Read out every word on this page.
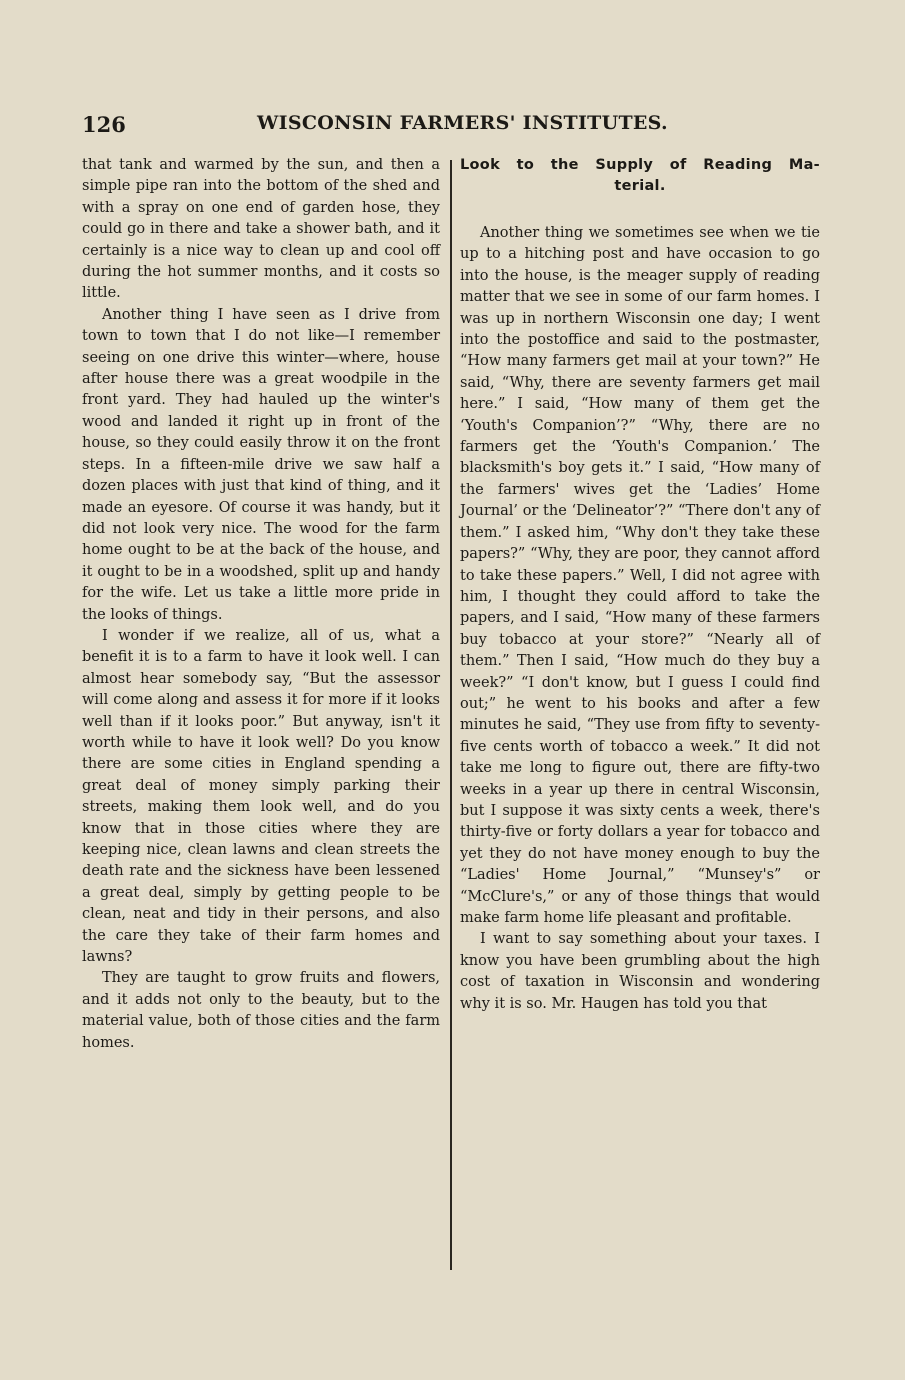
126	WISCONSIN FARMERS' INSTITUTES.

that tank and warmed by the sun, and then a simple pipe ran into the bottom of the shed and with a spray on one end of garden hose, they could go in there and take a shower bath, and it certainly is a nice way to clean up and cool off during the hot summer months, and it costs so little.

Another thing I have seen as I drive from town to town that I do not like—I remember seeing on one drive this winter—where, house after house there was a great woodpile in the front yard. They had hauled up the winter's wood and landed it right up in front of the house, so they could easily throw it on the front steps. In a fifteen-mile drive we saw half a dozen places with just that kind of thing, and it made an eyesore. Of course it was handy, but it did not look very nice. The wood for the farm home ought to be at the back of the house, and it ought to be in a woodshed, split up and handy for the wife. Let us take a little more pride in the looks of things.

I wonder if we realize, all of us, what a benefit it is to a farm to have it look well. I can almost hear somebody say, “But the assessor will come along and assess it for more if it looks well than if it looks poor.” But anyway, isn't it worth while to have it look well? Do you know there are some cities in England spending a great deal of money simply parking their streets, making them look well, and do you know that in those cities where they are keeping nice, clean lawns and clean streets the death rate and the sickness have been lessened a great deal, simply by getting people to be clean, neat and tidy in their persons, and also the care they take of their farm homes and lawns?

They are taught to grow fruits and flowers, and it adds not only to the beauty, but to the material value, both of those cities and the farm homes.

Look to the Supply of Reading Ma-
terial.

Another thing we sometimes see when we tie up to a hitching post and have occasion to go into the house, is the meager supply of reading matter that we see in some of our farm homes. I was up in northern Wisconsin one day; I went into the postoffice and said to the postmaster, “How many farmers get mail at your town?” He said, “Why, there are seventy farmers get mail here.” I said, “How many of them get the ‘Youth's Companion’?” “Why, there are no farmers get the ‘Youth's Companion.’ The blacksmith's boy gets it.” I said, “How many of the farmers' wives get the ‘Ladies’ Home Journal’ or the ‘Delineator’?” “There don't any of them.” I asked him, “Why don't they take these papers?” “Why, they are poor, they cannot afford to take these papers.” Well, I did not agree with him, I thought they could afford to take the papers, and I said, “How many of these farmers buy tobacco at your store?” “Nearly all of them.” Then I said, “How much do they buy a week?” “I don't know, but I guess I could find out;” he went to his books and after a few minutes he said, “They use from fifty to seventy-five cents worth of tobacco a week.” It did not take me long to figure out, there are fifty-two weeks in a year up there in central Wisconsin, but I suppose it was sixty cents a week, there's thirty-five or forty dollars a year for tobacco and yet they do not have money enough to buy the “Ladies' Home Journal,” “Munsey's” or “McClure's,” or any of those things that would make farm home life pleasant and profitable.

I want to say something about your taxes. I know you have been grumbling about the high cost of taxation in Wisconsin and wondering why it is so. Mr. Haugen has told you that
